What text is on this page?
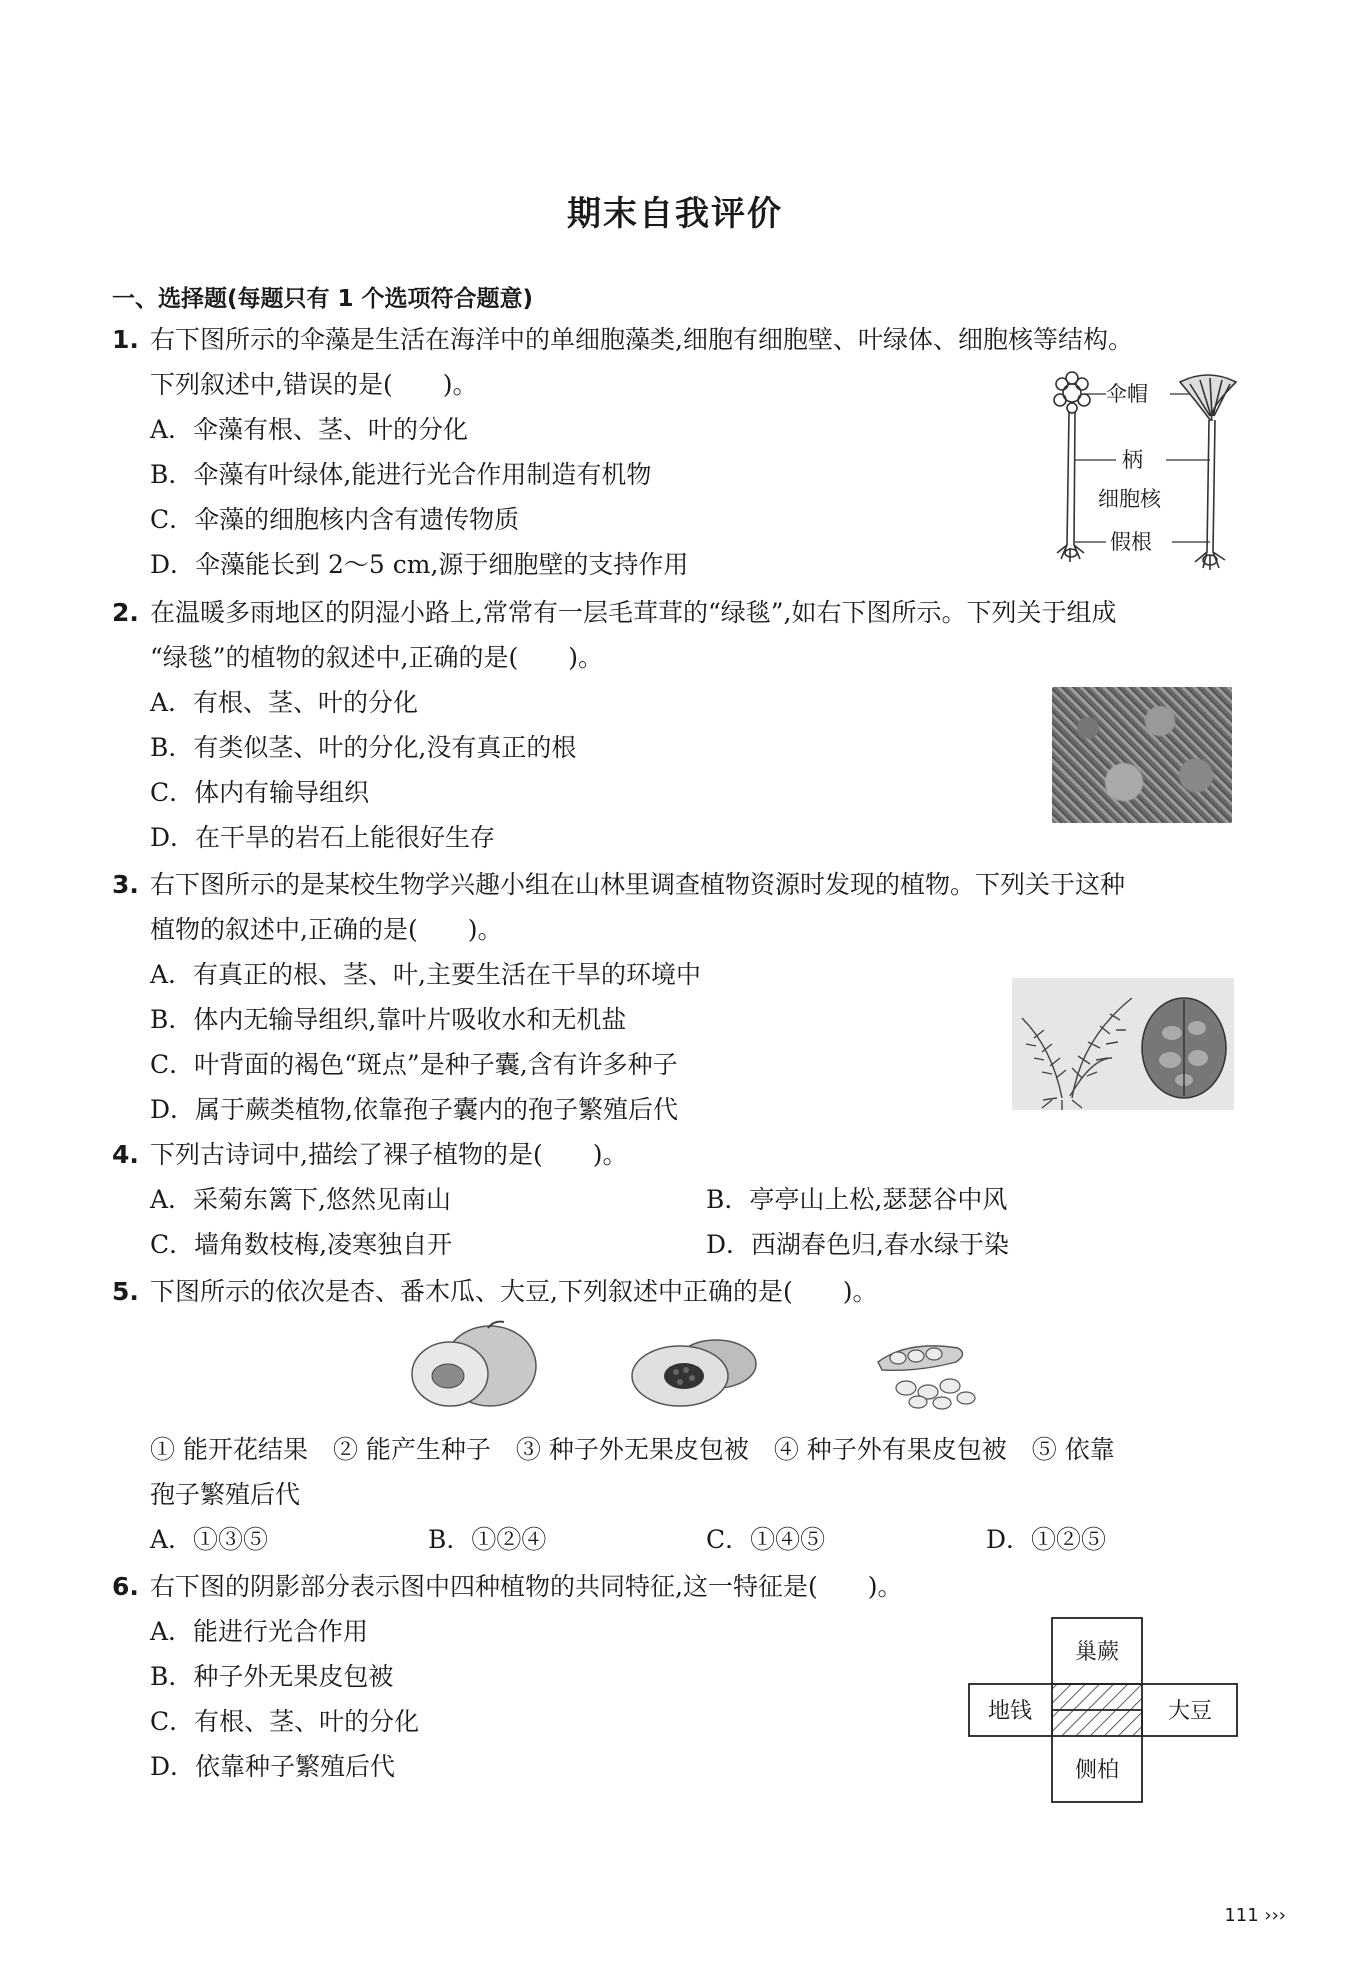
期末自我评价
一、选择题(每题只有 1 个选项符合题意)
1. 右下图所示的伞藻是生活在海洋中的单细胞藻类,细胞有细胞壁、叶绿体、细胞核等结构。
下列叙述中,错误的是(　　)。
A．伞藻有根、茎、叶的分化
B．伞藻有叶绿体,能进行光合作用制造有机物
C．伞藻的细胞核内含有遗传物质
D．伞藻能长到 2～5 cm,源于细胞壁的支持作用
伞帽
柄
细胞核
假根
2. 在温暖多雨地区的阴湿小路上,常常有一层毛茸茸的“绿毯”,如右下图所示。下列关于组成
“绿毯”的植物的叙述中,正确的是(　　)。
A．有根、茎、叶的分化
B．有类似茎、叶的分化,没有真正的根
C．体内有输导组织
D．在干旱的岩石上能很好生存
3. 右下图所示的是某校生物学兴趣小组在山林里调查植物资源时发现的植物。下列关于这种
植物的叙述中,正确的是(　　)。
A．有真正的根、茎、叶,主要生活在干旱的环境中
B．体内无输导组织,靠叶片吸收水和无机盐
C．叶背面的褐色“斑点”是种子囊,含有许多种子
D．属于蕨类植物,依靠孢子囊内的孢子繁殖后代
4. 下列古诗词中,描绘了裸子植物的是(　　)。
A．采菊东篱下,悠然见南山	B．亭亭山上松,瑟瑟谷中风
C．墙角数枝梅,凌寒独自开	D．西湖春色归,春水绿于染
5. 下图所示的依次是杏、番木瓜、大豆,下列叙述中正确的是(　　)。
① 能开花结果　② 能产生种子　③ 种子外无果皮包被　④ 种子外有果皮包被　⑤ 依靠
孢子繁殖后代
A．①③⑤	B．①②④	C．①④⑤	D．①②⑤
6. 右下图的阴影部分表示图中四种植物的共同特征,这一特征是(　　)。
A．能进行光合作用
B．种子外无果皮包被
C．有根、茎、叶的分化
D．依靠种子繁殖后代
巢蕨
地钱	大豆
侧柏
111 ›››
